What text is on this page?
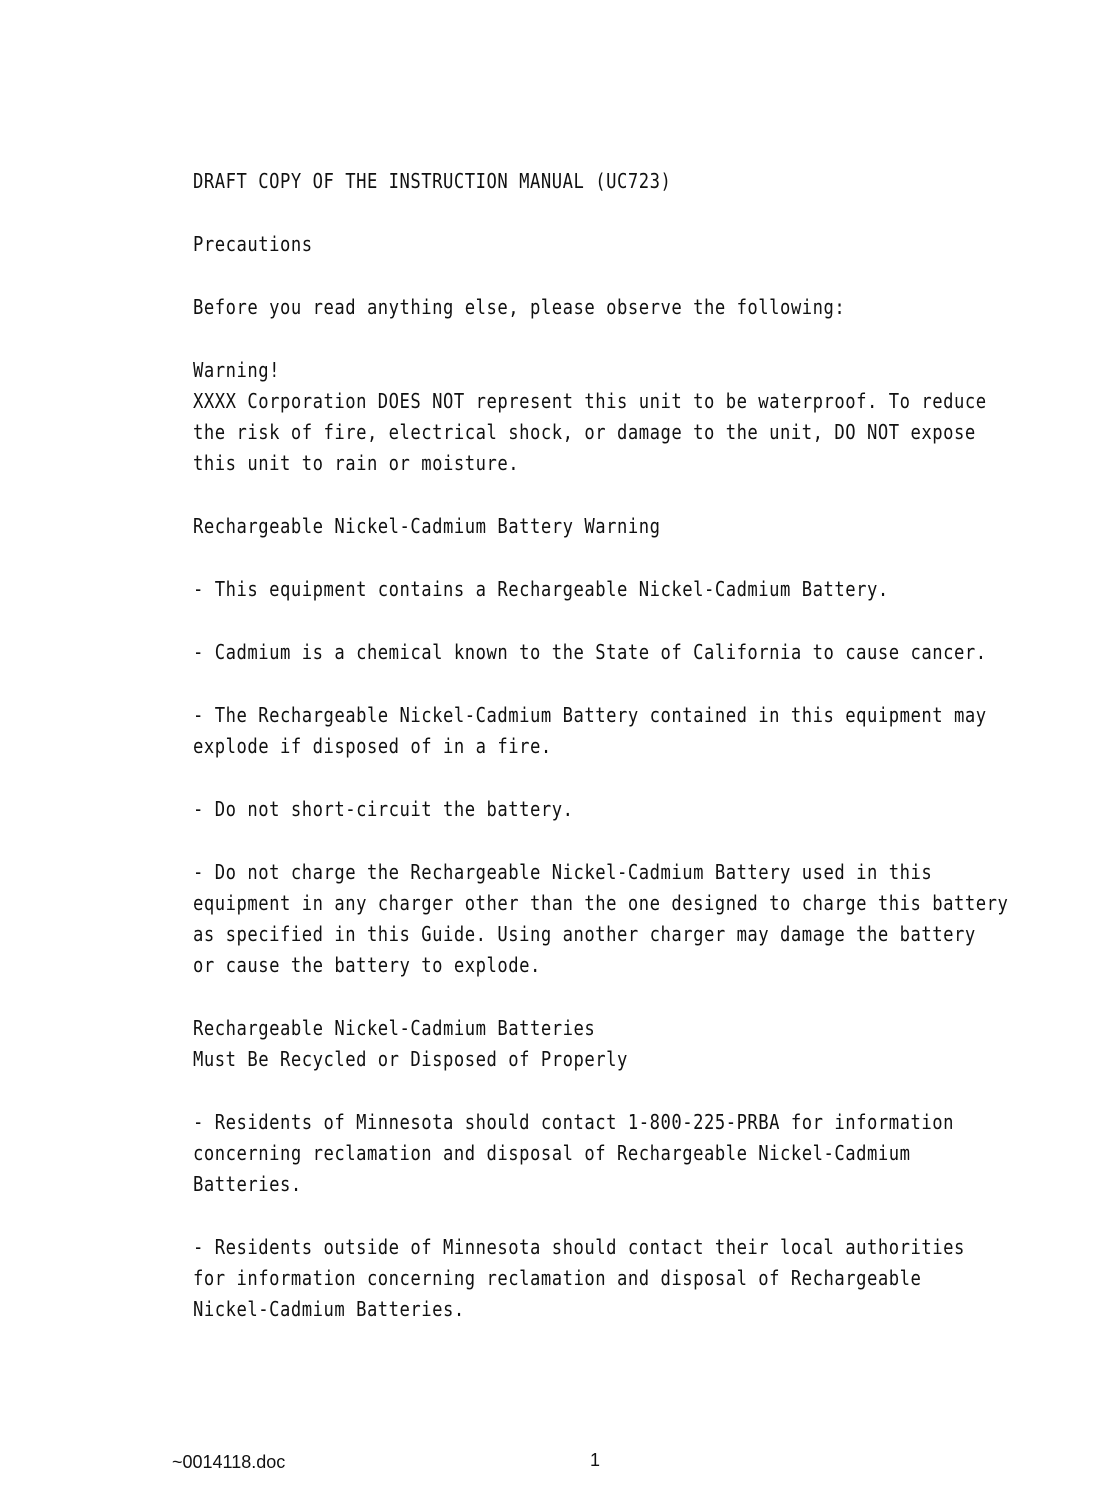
DRAFT COPY OF THE INSTRUCTION MANUAL (UC723)
Precautions
Before you read anything else, please observe the following:
Warning!
XXXX Corporation DOES NOT represent this unit to be waterproof. To reduce
the risk of fire, electrical shock, or damage to the unit, DO NOT expose
this unit to rain or moisture.
Rechargeable Nickel-Cadmium Battery Warning
- This equipment contains a Rechargeable Nickel-Cadmium Battery.
- Cadmium is a chemical known to the State of California to cause cancer.
- The Rechargeable Nickel-Cadmium Battery contained in this equipment may
explode if disposed of in a fire.
- Do not short-circuit the battery.
- Do not charge the Rechargeable Nickel-Cadmium Battery used in this
equipment in any charger other than the one designed to charge this battery
as specified in this Guide. Using another charger may damage the battery
or cause the battery to explode.
Rechargeable Nickel-Cadmium Batteries
Must Be Recycled or Disposed of Properly
- Residents of Minnesota should contact 1-800-225-PRBA for information
concerning reclamation and disposal of Rechargeable Nickel-Cadmium
Batteries.
- Residents outside of Minnesota should contact their local authorities
for information concerning reclamation and disposal of Rechargeable
Nickel-Cadmium Batteries.
~0014118.doc	1
